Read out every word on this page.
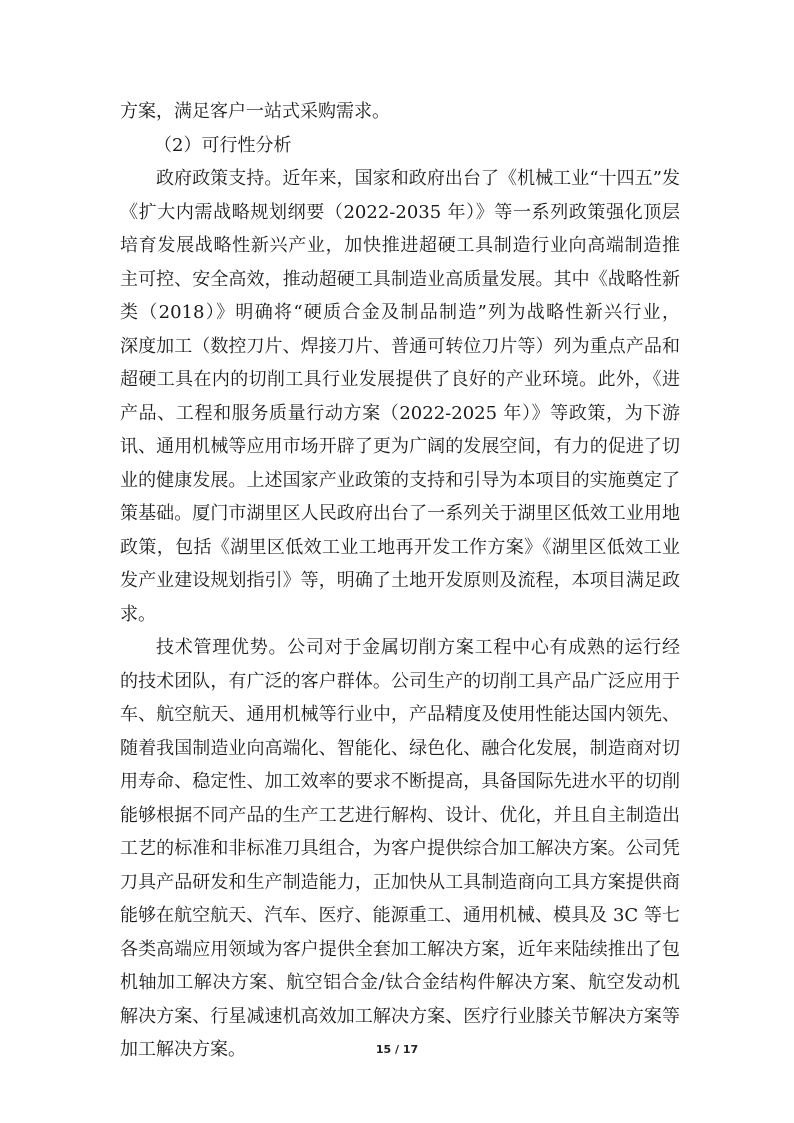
方案，满足客户一站式采购需求。

（2）可行性分析

政府政策支持。近年来，国家和政府出台了《机械工业“十四五”发

《扩大内需战略规划纲要（2022-2035 年）》等一系列政策强化顶层

培育发展战略性新兴产业，加快推进超硬工具制造行业向高端制造推

主可控、安全高效，推动超硬工具制造业高质量发展。其中《战略性新

类（2018）》明确将“硬质合金及制品制造”列为战略性新兴行业，

深度加工（数控刀片、焊接刀片、普通可转位刀片等）列为重点产品和

超硬工具在内的切削工具行业发展提供了良好的产业环境。此外，《进

产品、工程和服务质量行动方案（2022-2025 年）》等政策，为下游

讯、通用机械等应用市场开辟了更为广阔的发展空间，有力的促进了切

业的健康发展。上述国家产业政策的支持和引导为本项目的实施奠定了

策基础。厦门市湖里区人民政府出台了一系列关于湖里区低效工业用地

政策，包括《湖里区低效工业工地再开发工作方案》《湖里区低效工业

发产业建设规划指引》等，明确了土地开发原则及流程，本项目满足政

求。

技术管理优势。公司对于金属切削方案工程中心有成熟的运行经

的技术团队，有广泛的客户群体。公司生产的切削工具产品广泛应用于

车、航空航天、通用机械等行业中，产品精度及使用性能达国内领先、

随着我国制造业向高端化、智能化、绿色化、融合化发展，制造商对切

用寿命、稳定性、加工效率的要求不断提高，具备国际先进水平的切削

能够根据不同产品的生产工艺进行解构、设计、优化，并且自主制造出

工艺的标准和非标准刀具组合，为客户提供综合加工解决方案。公司凭

刀具产品研发和生产制造能力，正加快从工具制造商向工具方案提供商

能够在航空航天、汽车、医疗、能源重工、通用机械、模具及 3C 等七

各类高端应用领域为客户提供全套加工解决方案，近年来陆续推出了包

机轴加工解决方案、航空铝合金/钛合金结构件解决方案、航空发动机

解决方案、行星减速机高效加工解决方案、医疗行业膝关节解决方案等

加工解决方案。	15 / 17
